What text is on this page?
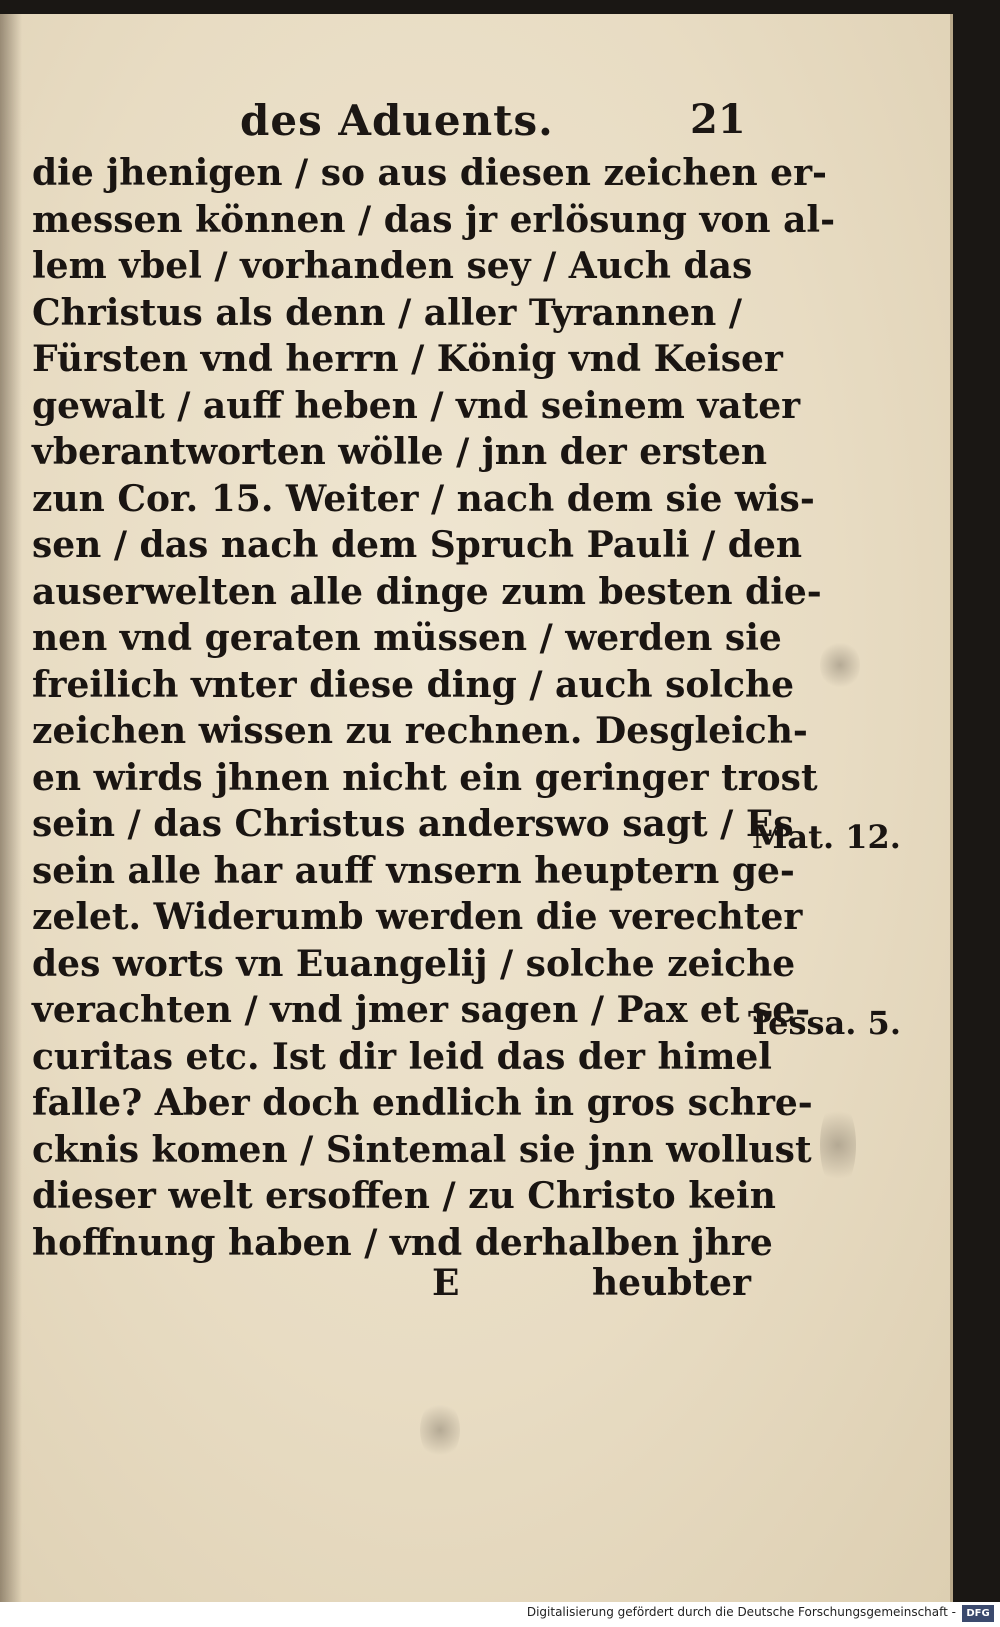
des Aduents.	21
die jhenigen / so aus diesen zeichen er-
messen können / das jr erlösung von al-
lem vbel / vorhanden sey / Auch das
Christus als denn / aller Tyrannen /
Fürsten vnd herrn / König vnd Keiser
gewalt / auff heben / vnd seinem vater
vberantworten wölle / jnn der ersten
zun Cor. 15. Weiter / nach dem sie wis-
sen / das nach dem Spruch Pauli / den
auserwelten alle dinge zum besten die-
nen vnd geraten müssen / werden sie
freilich vnter diese ding / auch solche
zeichen wissen zu rechnen. Desgleich-
en wirds jhnen nicht ein geringer trost
sein / das Christus anderswo sagt / Es
sein alle har auff vnsern heuptern ge-
zelet. Widerumb werden die verechter
des worts vn Euangelij / solche zeiche
verachten / vnd jmer sagen / Pax et se-
curitas etc. Ist dir leid das der himel
falle? Aber doch endlich in gros schre-
cknis komen / Sintemal sie jnn wollust
dieser welt ersoffen / zu Christo kein
hoffnung haben / vnd derhalben jhre
E	heubter
Mat. 12.
Tessa. 5.
Digitalisierung gefördert durch die Deutsche Forschungsgemeinschaft -	DFG
